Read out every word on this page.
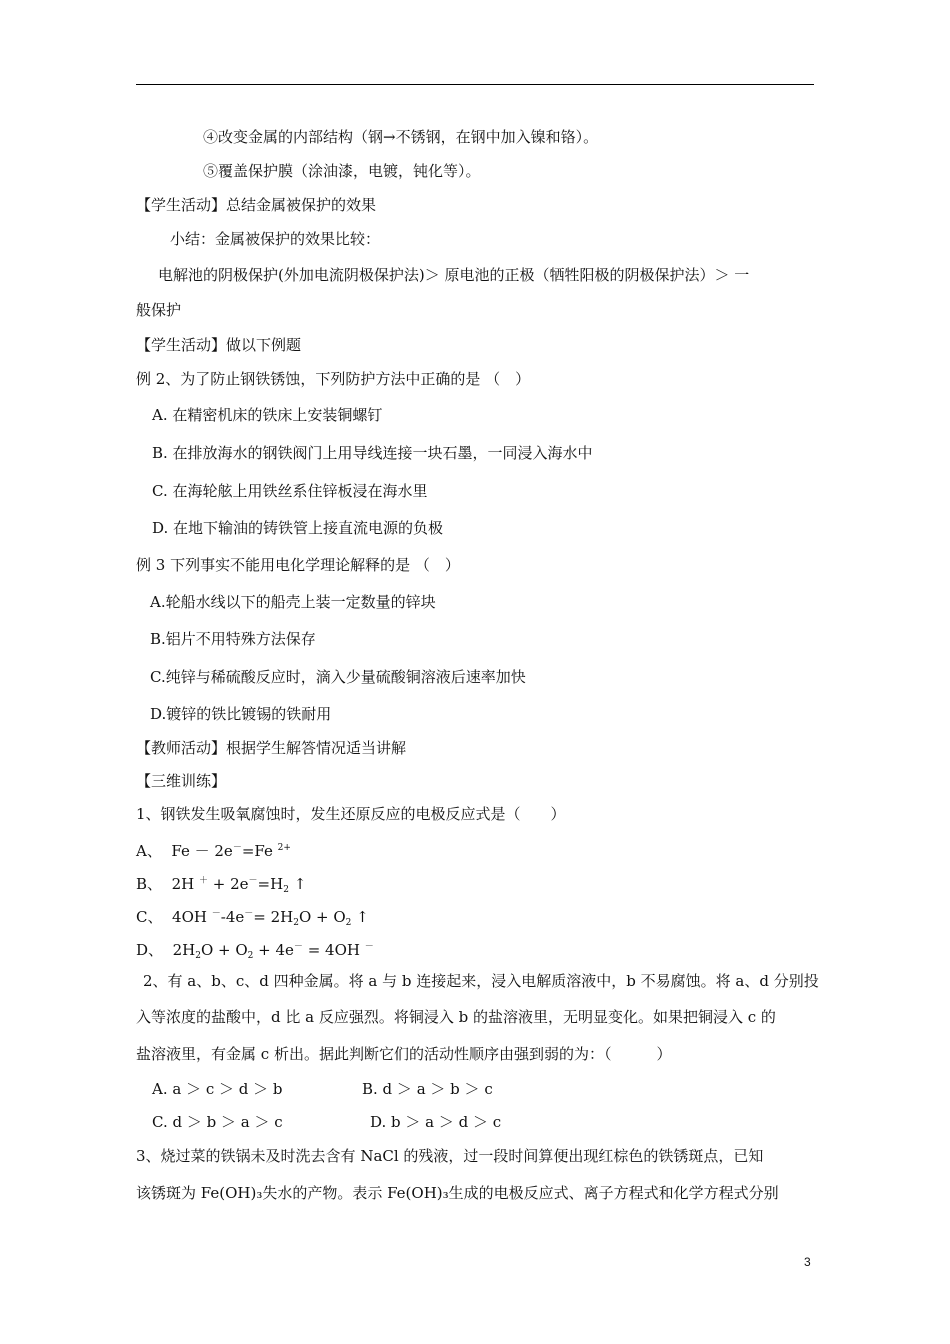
④改变金属的内部结构（钢→不锈钢，在钢中加入镍和铬）。
⑤覆盖保护膜（涂油漆，电镀，钝化等）。
【学生活动】总结金属被保护的效果
小结：金属被保护的效果比较：
电解池的阴极保护(外加电流阴极保护法)＞ 原电池的正极（牺牲阳极的阴极保护法）＞ 一
般保护
【学生活动】做以下例题
例 2、为了防止钢铁锈蚀，下列防护方法中正确的是 （　）
A. 在精密机床的铁床上安装铜螺钉
B. 在排放海水的钢铁阀门上用导线连接一块石墨，一同浸入海水中
C. 在海轮舷上用铁丝系住锌板浸在海水里
D. 在地下输油的铸铁管上接直流电源的负极
例 3 下列事实不能用电化学理论解释的是 （　）
A.轮船水线以下的船壳上装一定数量的锌块
B.铝片不用特殊方法保存
C.纯锌与稀硫酸反应时，滴入少量硫酸铜溶液后速率加快
D.镀锌的铁比镀锡的铁耐用
【教师活动】根据学生解答情况适当讲解
【三维训练】
1、钢铁发生吸氧腐蚀时，发生还原反应的电极反应式是（　　）
A、 Fe － 2e－=Fe $^{2+}$
B、 2H $^+ + 2e^-=H_2$ ↑
C、 4OH $^--4e^-= 2H_2O + O_2$ ↑
D、 $2H_2O + O_2 + 4e^- = 4OH$ －
2、有 a、b、c、d 四种金属。将 a 与 b 连接起来，浸入电解质溶液中，b 不易腐蚀。将 a、d 分别投
入等浓度的盐酸中，d 比 a 反应强烈。将铜浸入 b 的盐溶液里，无明显变化。如果把铜浸入 c 的
盐溶液里，有金属 c 析出。据此判断它们的活动性顺序由强到弱的为：（　　　）
A. a ＞ c ＞ d ＞ b	B. d ＞ a ＞ b ＞ c
C. d ＞ b ＞ a ＞ c	D. b ＞ a ＞ d ＞ c
3、烧过菜的铁锅未及时洗去含有 NaCl 的残液，过一段时间算便出现红棕色的铁锈斑点，已知
该锈斑为 Fe(OH)₃失水的产物。表示 Fe(OH)₃生成的电极反应式、离子方程式和化学方程式分别
3
